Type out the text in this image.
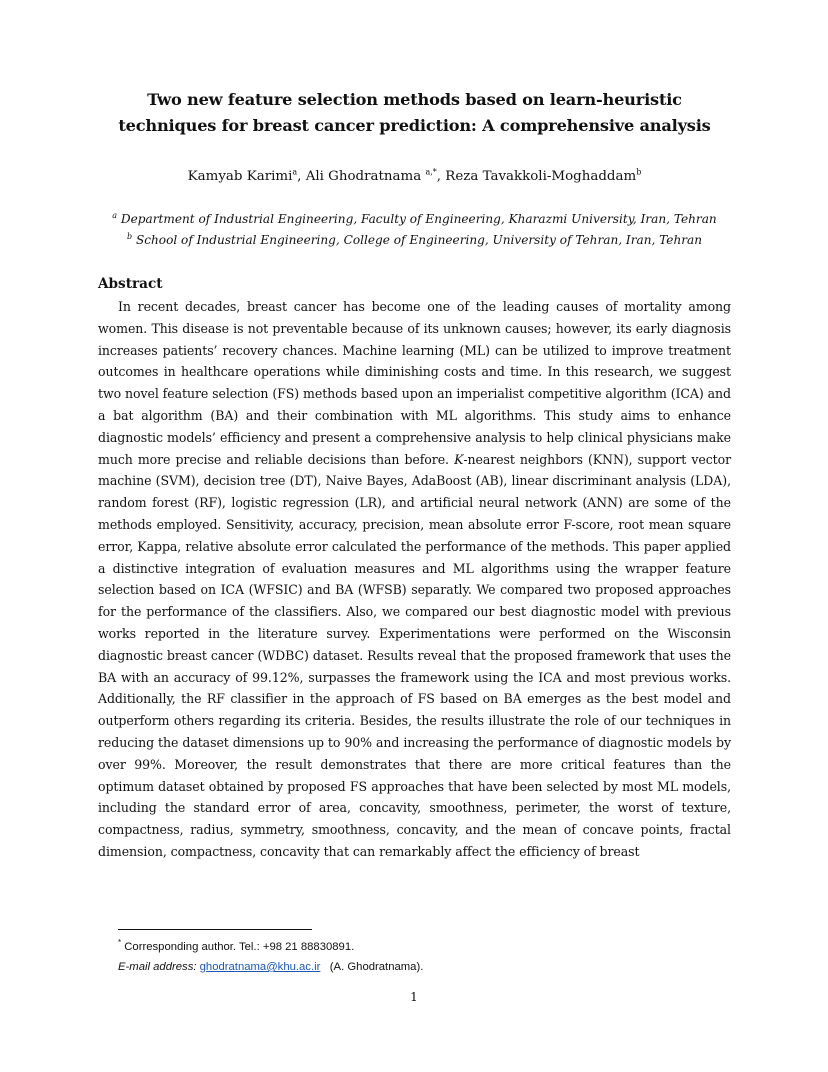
Two new feature selection methods based on learn-heuristic techniques for breast cancer prediction: A comprehensive analysis
Kamyab Karimi$^a$, Ali Ghodratnama $^{a,*}$, Reza Tavakkoli-Moghaddam$^b$
$^a$ Department of Industrial Engineering, Faculty of Engineering, Kharazmi University, Iran, Tehran
$^b$ School of Industrial Engineering, College of Engineering, University of Tehran, Iran, Tehran
Abstract

In recent decades, breast cancer has become one of the leading causes of mortality among women. This disease is not preventable because of its unknown causes; however, its early diagnosis increases patients’ recovery chances. Machine learning (ML) can be utilized to improve treatment outcomes in healthcare operations while diminishing costs and time. In this research, we suggest two novel feature selection (FS) methods based upon an imperialist competitive algorithm (ICA) and a bat algorithm (BA) and their combination with ML algorithms. This study aims to enhance diagnostic models’ efficiency and present a comprehensive analysis to help clinical physicians make much more precise and reliable decisions than before. K-nearest neighbors (KNN), support vector machine (SVM), decision tree (DT), Naive Bayes, AdaBoost (AB), linear discriminant analysis (LDA), random forest (RF), logistic regression (LR), and artificial neural network (ANN) are some of the methods employed. Sensitivity, accuracy, precision, mean absolute error F-score, root mean square error, Kappa, relative absolute error calculated the performance of the methods. This paper applied a distinctive integration of evaluation measures and ML algorithms using the wrapper feature selection based on ICA (WFSIC) and BA (WFSB) separatly. We compared two proposed approaches for the performance of the classifiers. Also, we compared our best diagnostic model with previous works reported in the literature survey. Experimentations were performed on the Wisconsin diagnostic breast cancer (WDBC) dataset. Results reveal that the proposed framework that uses the BA with an accuracy of 99.12%, surpasses the framework using the ICA and most previous works. Additionally, the RF classifier in the approach of FS based on BA emerges as the best model and outperform others regarding its criteria. Besides, the results illustrate the role of our techniques in reducing the dataset dimensions up to 90% and increasing the performance of diagnostic models by over 99%. Moreover, the result demonstrates that there are more critical features than the optimum dataset obtained by proposed FS approaches that have been selected by most ML models, including the standard error of area, concavity, smoothness, perimeter, the worst of texture, compactness, radius, symmetry, smoothness, concavity, and the mean of concave points, fractal dimension, compactness, concavity that can remarkably affect the efficiency of breast

* Corresponding author. Tel.: +98 21 88830891.
E-mail address: ghodratnama@khu.ac.ir (A. Ghodratnama).
1
